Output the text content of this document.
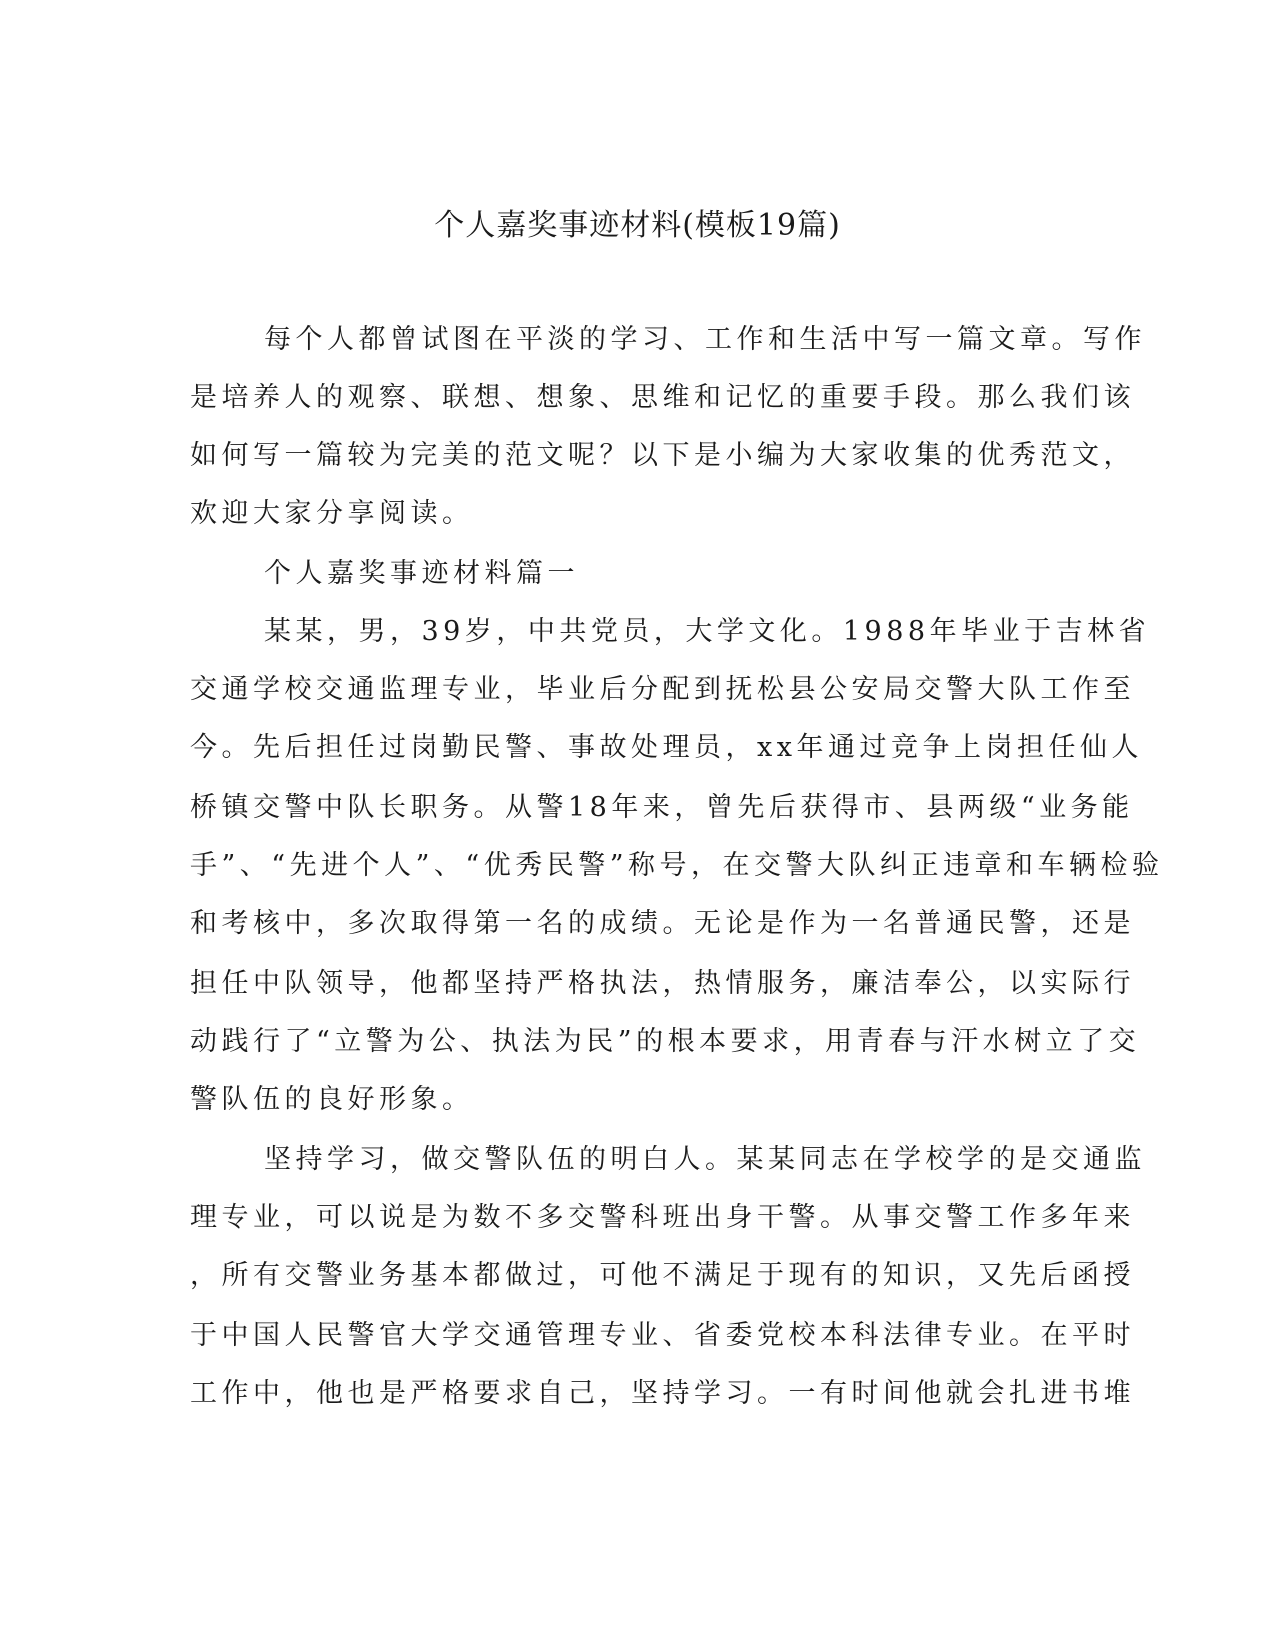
个人嘉奖事迹材料(模板19篇)

每个人都曾试图在平淡的学习、工作和生活中写一篇文章。写作

是培养人的观察、联想、想象、思维和记忆的重要手段。那么我们该

如何写一篇较为完美的范文呢？以下是小编为大家收集的优秀范文，

欢迎大家分享阅读。

个人嘉奖事迹材料篇一

某某，男，39岁，中共党员，大学文化。1988年毕业于吉林省

交通学校交通监理专业，毕业后分配到抚松县公安局交警大队工作至

今。先后担任过岗勤民警、事故处理员，xx年通过竞争上岗担任仙人

桥镇交警中队长职务。从警18年来，曾先后获得市、县两级“业务能

手”、“先进个人”、“优秀民警”称号，在交警大队纠正违章和车辆检验

和考核中，多次取得第一名的成绩。无论是作为一名普通民警，还是

担任中队领导，他都坚持严格执法，热情服务，廉洁奉公，以实际行

动践行了“立警为公、执法为民”的根本要求，用青春与汗水树立了交

警队伍的良好形象。

坚持学习，做交警队伍的明白人。某某同志在学校学的是交通监

理专业，可以说是为数不多交警科班出身干警。从事交警工作多年来

，所有交警业务基本都做过，可他不满足于现有的知识，又先后函授

于中国人民警官大学交通管理专业、省委党校本科法律专业。在平时

工作中，他也是严格要求自己，坚持学习。一有时间他就会扎进书堆
